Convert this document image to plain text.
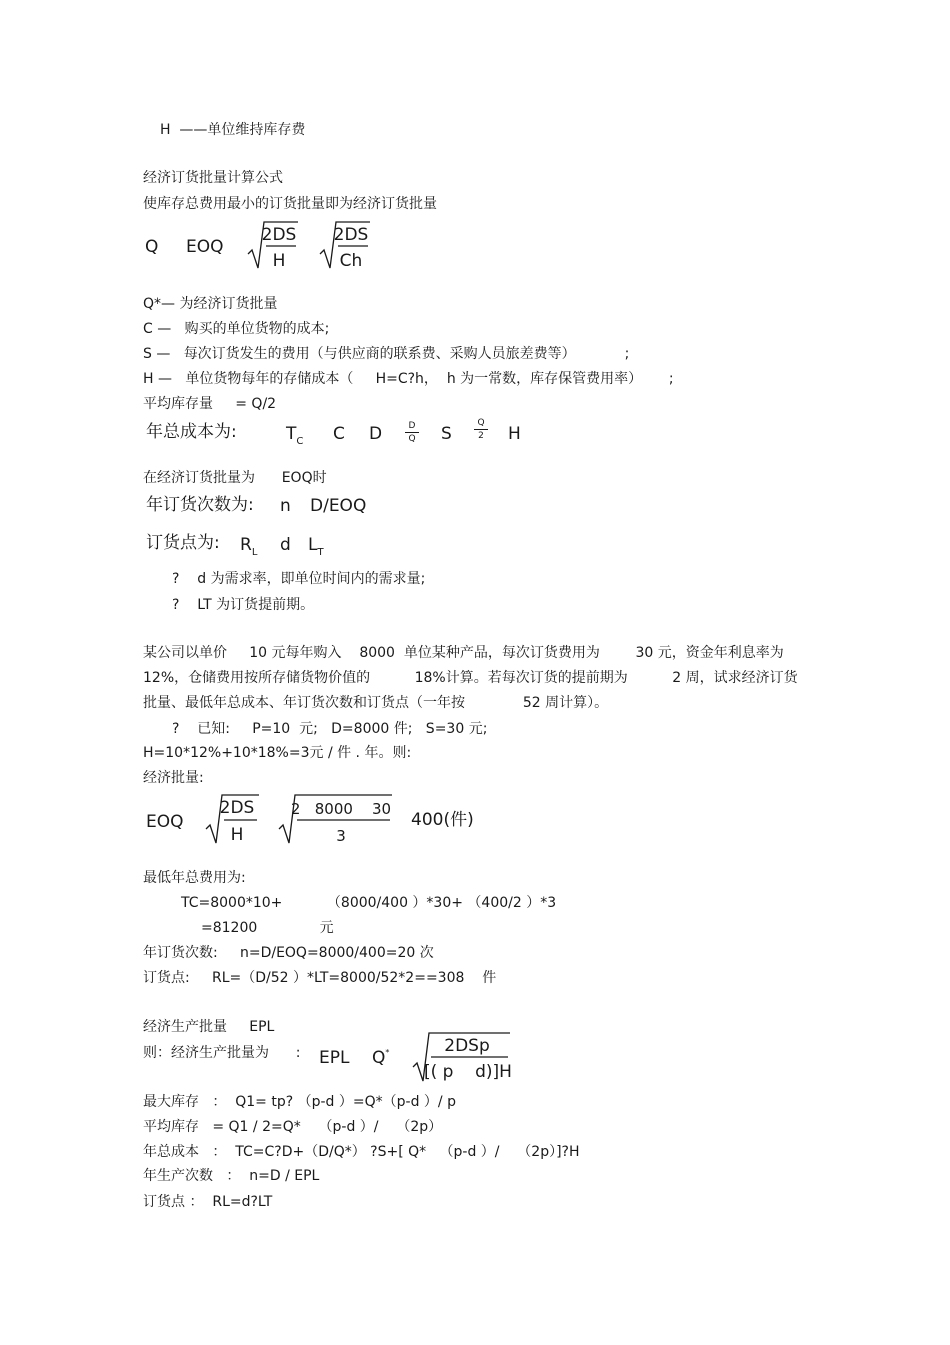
H  ——单位维持库存费
经济订货批量计算公式
使库存总费用最小的订货批量即为经济订货批量
Q EOQ
2DS
H
2DS
Ch
Q*— 为经济订货批量
C —   购买的单位货物的成本;
S —   每次订货发生的费用（与供应商的联系费、采购人员旅差费等）           ;
H —   单位货物每年的存储成本（     H=C?h，  h 为一常数，库存保管费用率）      ;
平均库存量     = Q/2
年总成本为:	$T_C$ C D	D
Q S
Q
2 H
在经济订货批量为      EOQ时
年订货次数为: n D/EOQ
订货点为: $R_L$ d $L_T$
?    d 为需求率，即单位时间内的需求量;
?    LT 为订货提前期。
某公司以单价     10 元每年购入    8000  单位某种产品，每次订货费用为        30 元，资金年利息率为
12%，仓储费用按所存储货物价值的          18%计算。若每次订货的提前期为          2 周，试求经济订货
批量、最低年总成本、年订货次数和订货点（一年按             52 周计算）。
?    已知:     P=10  元;   D=8000 件;   S=30 元;
H=10*12%+10*18%=3元 / 件 . 年。则:
经济批量:
EOQ
2DS
H
2   8000    30
3
400(件)
最低年总费用为:
TC=8000*10+          （8000/400 ）*30+ （400/2 ）*3
=81200              元
年订货次数:     n=D/EOQ=8000/400=20 次
订货点:     RL=（D/52 ）*LT=8000/52*2==308    件
经济生产批量     EPL
则：经济生产批量为      : EPL Q*	2DSp
[( p    d)]H
最大库存   ：  Q1= tp? （p-d ）=Q*（p-d ）/ p
平均库存   = Q1 / 2=Q*    （p-d ）/    （2p）
年总成本   ：  TC=C?D+（D/Q*） ?S+[ Q*   （p-d ）/    （2p）]?H
年生产次数   ：  n=D / EPL
订货点 ：  RL=d?LT
